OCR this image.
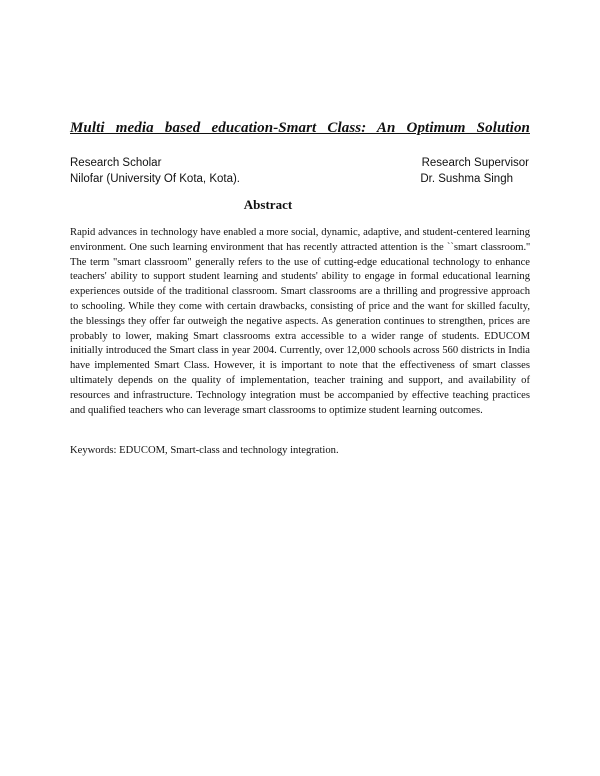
Multi media based education-Smart Class: An Optimum Solution
Research Scholar
Nilofar (University Of Kota, Kota).
Research Supervisor
Dr. Sushma Singh
Abstract

Rapid advances in technology have enabled a more social, dynamic, adaptive, and student-centered learning environment. One such learning environment that has recently attracted attention is the ``smart classroom.'' The term "smart classroom" generally refers to the use of cutting-edge educational technology to enhance teachers' ability to support student learning and students' ability to engage in formal educational learning experiences outside of the traditional classroom. Smart classrooms are a thrilling and progressive approach to schooling. While they come with certain drawbacks, consisting of price and the want for skilled faculty, the blessings they offer far outweigh the negative aspects. As generation continues to strengthen, prices are probably to lower, making Smart classrooms extra accessible to a wider range of students. EDUCOM initially introduced the Smart class in year 2004. Currently, over 12,000 schools across 560 districts in India have implemented Smart Class. However, it is important to note that the effectiveness of smart classes ultimately depends on the quality of implementation, teacher training and support, and availability of resources and infrastructure. Technology integration must be accompanied by effective teaching practices and qualified teachers who can leverage smart classrooms to optimize student learning outcomes.

Keywords: EDUCOM, Smart-class and technology integration.
